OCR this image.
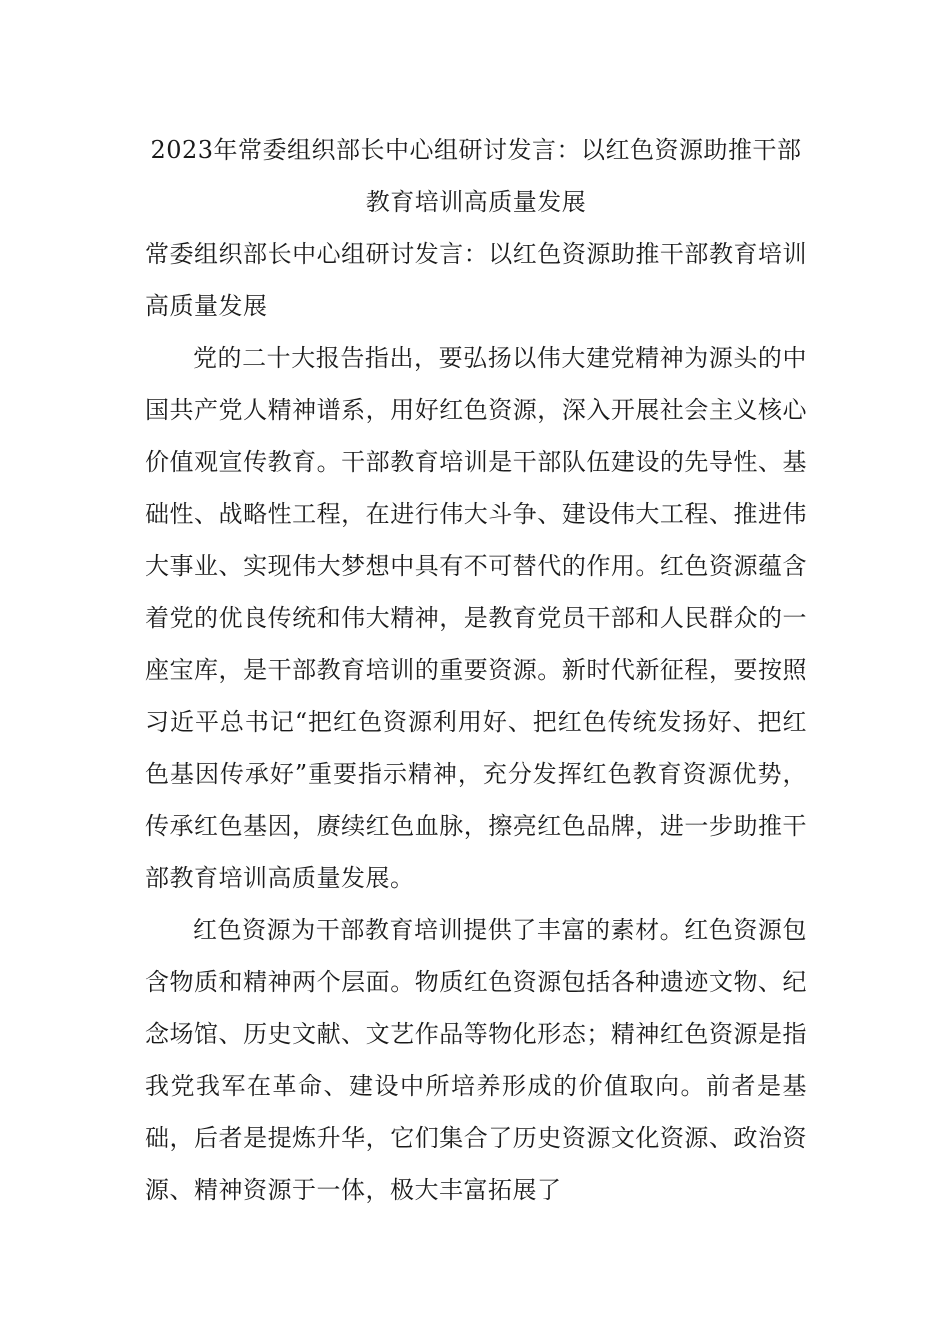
2023年常委组织部长中心组研讨发言：以红色资源助推干部教育培训高质量发展

常委组织部长中心组研讨发言：以红色资源助推干部教育培训高质量发展

党的二十大报告指出，要弘扬以伟大建党精神为源头的中国共产党人精神谱系，用好红色资源，深入开展社会主义核心价值观宣传教育。干部教育培训是干部队伍建设的先导性、基础性、战略性工程，在进行伟大斗争、建设伟大工程、推进伟大事业、实现伟大梦想中具有不可替代的作用。红色资源蕴含着党的优良传统和伟大精神，是教育党员干部和人民群众的一座宝库，是干部教育培训的重要资源。新时代新征程，要按照习近平总书记“把红色资源利用好、把红色传统发扬好、把红色基因传承好”重要指示精神，充分发挥红色教育资源优势，传承红色基因，赓续红色血脉，擦亮红色品牌，进一步助推干部教育培训高质量发展。

红色资源为干部教育培训提供了丰富的素材。红色资源包含物质和精神两个层面。物质红色资源包括各种遗迹文物、纪念场馆、历史文献、文艺作品等物化形态；精神红色资源是指我党我军在革命、建设中所培养形成的价值取向。前者是基础，后者是提炼升华，它们集合了历史资源文化资源、政治资源、精神资源于一体，极大丰富拓展了
